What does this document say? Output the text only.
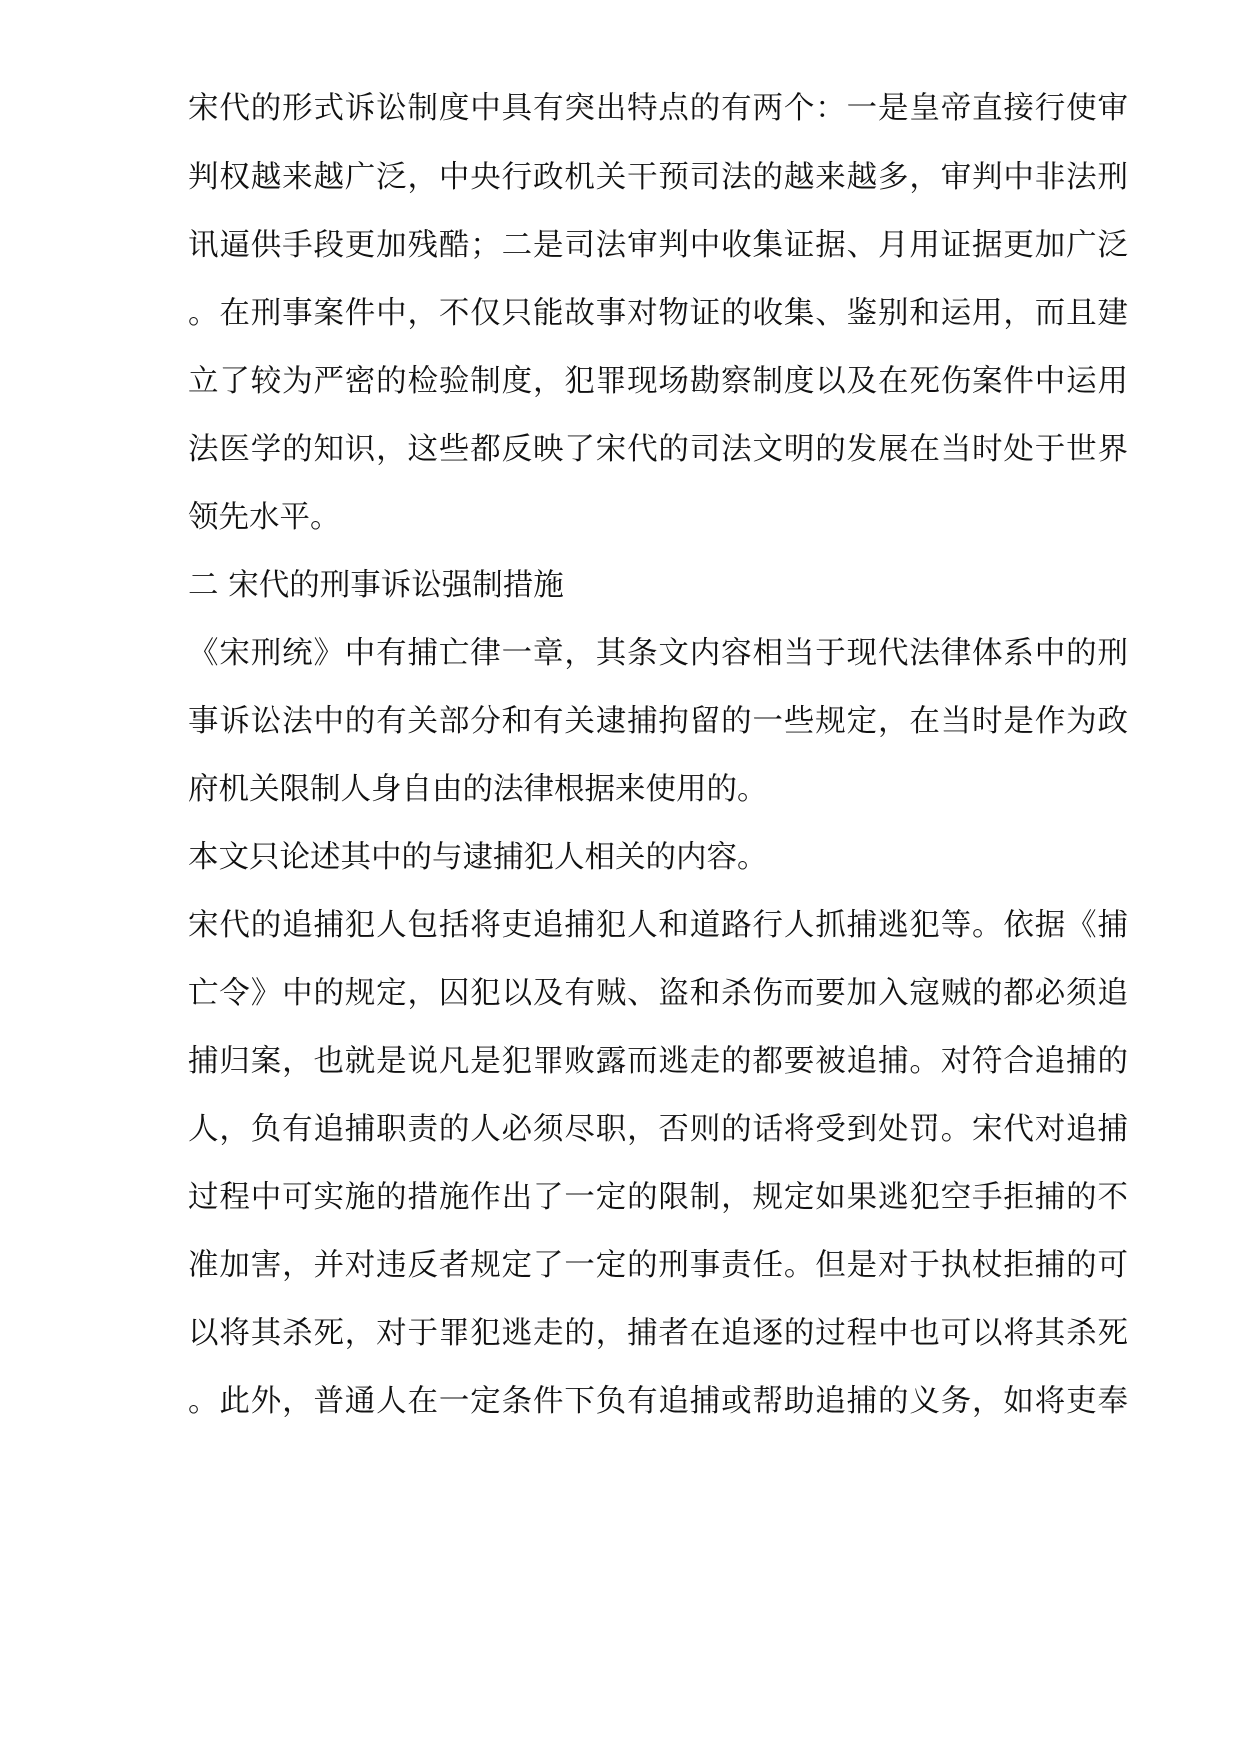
宋代的形式诉讼制度中具有突出特点的有两个：一是皇帝直接行使审
判权越来越广泛，中央行政机关干预司法的越来越多，审判中非法刑
讯逼供手段更加残酷；二是司法审判中收集证据、月用证据更加广泛
。在刑事案件中，不仅只能故事对物证的收集、鉴别和运用，而且建
立了较为严密的检验制度，犯罪现场勘察制度以及在死伤案件中运用
法医学的知识，这些都反映了宋代的司法文明的发展在当时处于世界
领先水平。
二 宋代的刑事诉讼强制措施
《宋刑统》中有捕亡律一章，其条文内容相当于现代法律体系中的刑
事诉讼法中的有关部分和有关逮捕拘留的一些规定，在当时是作为政
府机关限制人身自由的法律根据来使用的。
本文只论述其中的与逮捕犯人相关的内容。
宋代的追捕犯人包括将吏追捕犯人和道路行人抓捕逃犯等。依据《捕
亡令》中的规定，囚犯以及有贼、盗和杀伤而要加入寇贼的都必须追
捕归案，也就是说凡是犯罪败露而逃走的都要被追捕。对符合追捕的
人，负有追捕职责的人必须尽职，否则的话将受到处罚。宋代对追捕
过程中可实施的措施作出了一定的限制，规定如果逃犯空手拒捕的不
准加害，并对违反者规定了一定的刑事责任。但是对于执杖拒捕的可
以将其杀死，对于罪犯逃走的，捕者在追逐的过程中也可以将其杀死
。此外，普通人在一定条件下负有追捕或帮助追捕的义务，如将吏奉
